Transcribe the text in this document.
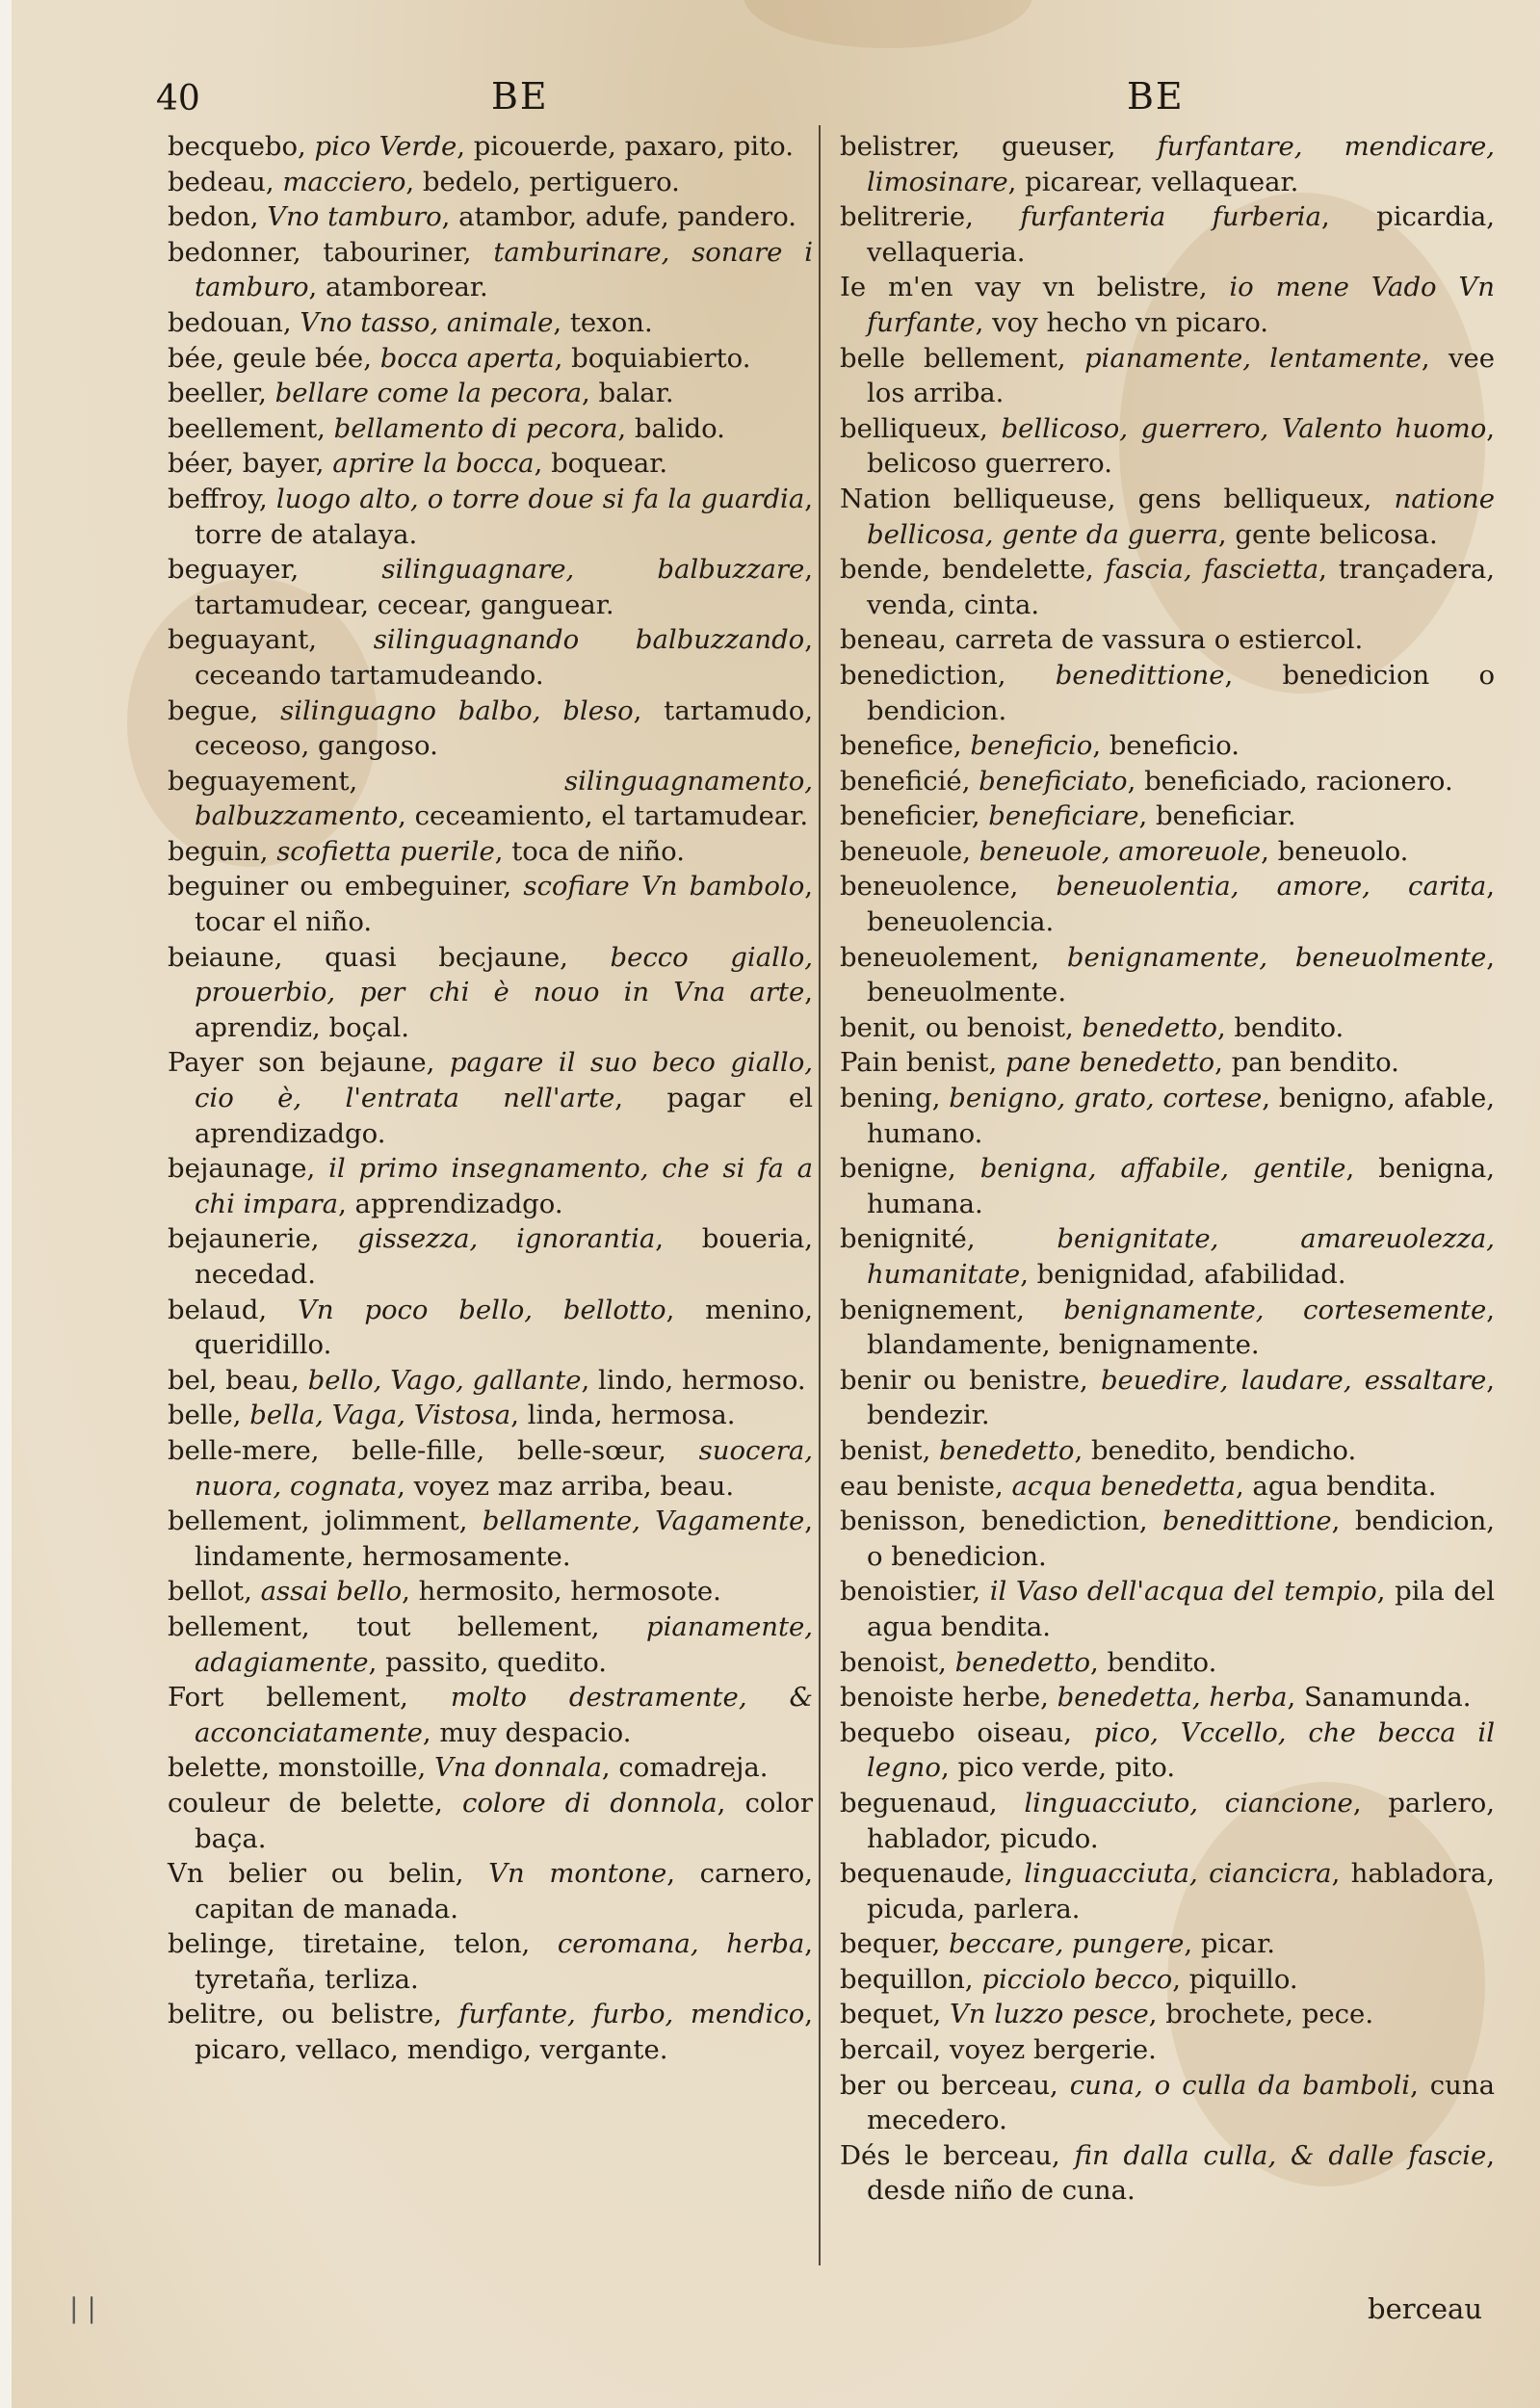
40	BE	BE

becquebo, pico Verde, picouerde, paxaro, pito.

bedeau, macciero, bedelo, pertiguero.

bedon, Vno tamburo, atambor, adufe, pandero.

bedonner, tabouriner, tamburinare, sonare i tamburo, atamborear.

bedouan, Vno tasso, animale, texon.

bée, geule bée, bocca aperta, boquiabierto.

beeller, bellare come la pecora, balar.

beellement, bellamento di pecora, balido.

béer, bayer, aprire la bocca, boquear.

beffroy, luogo alto, o torre doue si fa la guardia, torre de atalaya.

beguayer, silinguagnare, balbuzzare, tartamudear, cecear, ganguear.

beguayant, silinguagnando balbuzzando, ceceando tartamudeando.

begue, silinguagno balbo, bleso, tartamudo, ceceoso, gangoso.

beguayement, silinguagnamento, balbuzzamento, ceceamiento, el tartamudear.

beguin, scofietta puerile, toca de niño.

beguiner ou embeguiner, scofiare Vn bambolo, tocar el niño.

beiaune, quasi becjaune, becco giallo, prouerbio, per chi è nouo in Vna arte, aprendiz, boçal.

Payer son bejaune, pagare il suo beco giallo, cio è, l'entrata nell'arte, pagar el aprendizadgo.

bejaunage, il primo insegnamento, che si fa a chi impara, apprendizadgo.

bejaunerie, gissezza, ignorantia, boueria, necedad.

belaud, Vn poco bello, bellotto, menino, queridillo.

bel, beau, bello, Vago, gallante, lindo, hermoso.

belle, bella, Vaga, Vistosa, linda, hermosa.

belle-mere, belle-fille, belle-sœur, suocera, nuora, cognata, voyez maz arriba, beau.

bellement, jolimment, bellamente, Vagamente, lindamente, hermosamente.

bellot, assai bello, hermosito, hermosote.

bellement, tout bellement, pianamente, adagiamente, passito, quedito.

Fort bellement, molto destramente, & acconciatamente, muy despacio.

belette, monstoille, Vna donnala, comadreja.

couleur de belette, colore di donnola, color baça.

Vn belier ou belin, Vn montone, carnero, capitan de manada.

belinge, tiretaine, telon, ceromana, herba, tyretaña, terliza.

belitre, ou belistre, furfante, furbo, mendico, picaro, vellaco, mendigo, vergante.

belistrer, gueuser, furfantare, mendicare, limosinare, picarear, vellaquear.

belitrerie, furfanteria furberia, picardia, vellaqueria.

Ie m'en vay vn belistre, io mene Vado Vn furfante, voy hecho vn picaro.

belle bellement, pianamente, lentamente, vee los arriba.

belliqueux, bellicoso, guerrero, Valento huomo, belicoso guerrero.

Nation belliqueuse, gens belliqueux, natione bellicosa, gente da guerra, gente belicosa.

bende, bendelette, fascia, fascietta, trançadera, venda, cinta.

beneau, carreta de vassura o estiercol.

benediction, benedittione, benedicion o bendicion.

benefice, beneficio, beneficio.

beneficié, beneficiato, beneficiado, racionero.

beneficier, beneficiare, beneficiar.

beneuole, beneuole, amoreuole, beneuolo.

beneuolence, beneuolentia, amore, carita, beneuolencia.

beneuolement, benignamente, beneuolmente, beneuolmente.

benit, ou benoist, benedetto, bendito.

Pain benist, pane benedetto, pan bendito.

bening, benigno, grato, cortese, benigno, afable, humano.

benigne, benigna, affabile, gentile, benigna, humana.

benignité, benignitate, amareuolezza, humanitate, benignidad, afabilidad.

benignement, benignamente, cortesemente, blandamente, benignamente.

benir ou benistre, beuedire, laudare, essaltare, bendezir.

benist, benedetto, benedito, bendicho.

eau beniste, acqua benedetta, agua bendita.

benisson, benediction, benedittione, bendicion, o benedicion.

benoistier, il Vaso dell'acqua del tempio, pila del agua bendita.

benoist, benedetto, bendito.

benoiste herbe, benedetta, herba, Sanamunda.

bequebo oiseau, pico, Vccello, che becca il legno, pico verde, pito.

beguenaud, linguacciuto, ciancione, parlero, hablador, picudo.

bequenaude, linguacciuta, ciancicra, habladora, picuda, parlera.

bequer, beccare, pungere, picar.

bequillon, picciolo becco, piquillo.

bequet, Vn luzzo pesce, brochete, pece.

bercail, voyez bergerie.

ber ou berceau, cuna, o culla da bamboli, cuna mecedero.

Dés le berceau, fin dalla culla, & dalle fascie, desde niño de cuna.

| |	berceau
